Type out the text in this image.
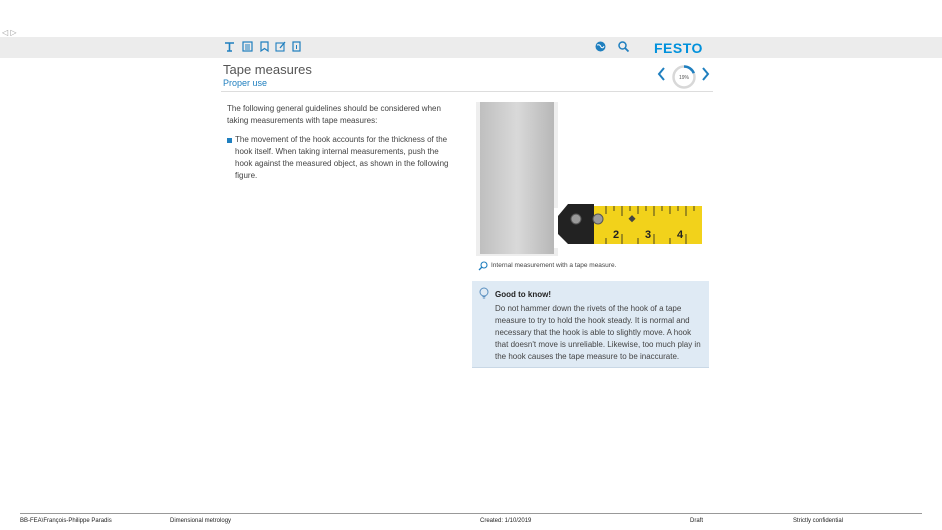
◁ ▷
FESTO
Tape measures
Proper use	19%
The following general guidelines should be considered when taking measurements with tape measures:
The movement of the hook accounts for the thickness of the hook itself. When taking internal measurements, push the hook against the measured object, as shown in the following figure.
2 3 4
Internal measurement with a tape measure.
Good to know!
Do not hammer down the rivets of the hook of a tape measure to try to hold the hook steady. It is normal and necessary that the hook is able to slightly move. A hook that doesn't move is unreliable. Likewise, too much play in the hook causes the tape measure to be inaccurate.
BB-FEA\François-Philippe Paradis	Dimensional metrology	Created: 1/10/2019	Draft	Strictly confidential
